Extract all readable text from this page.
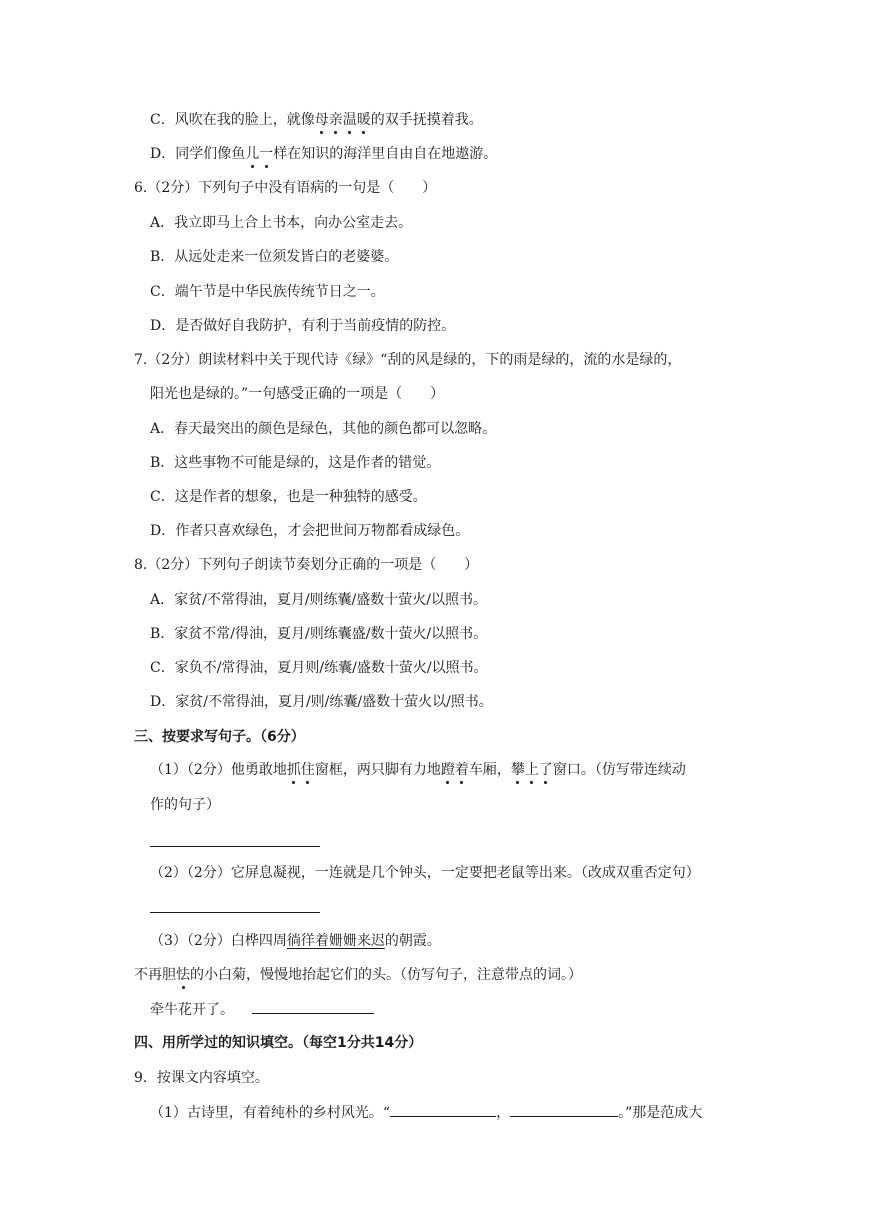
C．风吹在我的脸上，就像母亲温暖的双手抚摸着我。
D．同学们像鱼儿一样在知识的海洋里自由自在地遨游。
6.（2分）下列句子中没有语病的一句是（　　）
A．我立即马上合上书本，向办公室走去。
B．从远处走来一位须发皆白的老婆婆。
C．端午节是中华民族传统节日之一。
D．是否做好自我防护，有利于当前疫情的防控。
7.（2分）朗读材料中关于现代诗《绿》“刮的风是绿的，下的雨是绿的，流的水是绿的，
阳光也是绿的。”一句感受正确的一项是（　　）
A．春天最突出的颜色是绿色，其他的颜色都可以忽略。
B．这些事物不可能是绿的，这是作者的错觉。
C．这是作者的想象，也是一种独特的感受。
D．作者只喜欢绿色，才会把世间万物都看成绿色。
8.（2分）下列句子朗读节奏划分正确的一项是（　　）
A．家贫/不常得油，夏月/则练囊/盛数十萤火/以照书。
B．家贫不常/得油，夏月/则练囊盛/数十萤火/以照书。
C．家负不/常得油，夏月则/练囊/盛数十萤火/以照书。
D．家贫/不常得油，夏月/则/练囊/盛数十萤火以/照书。
三、按要求写句子。（6分）
（1）（2分）他勇敢地抓住窗框，两只脚有力地蹬着车厢，攀上了窗口。（仿写带连续动
作的句子）
（2）（2分）它屏息凝视，一连就是几个钟头，一定要把老鼠等出来。（改成双重否定句）
（3）（2分）白桦四周徜徉着姗姗来迟的朝霞。
不再胆怯的小白菊，慢慢地抬起它们的头。（仿写句子，注意带点的词。）
牵牛花开了。
四、用所学过的知识填空。（每空1分共14分）
9．按课文内容填空。
（1）古诗里，有着纯朴的乡村风光。“	，	。”那是范成大
